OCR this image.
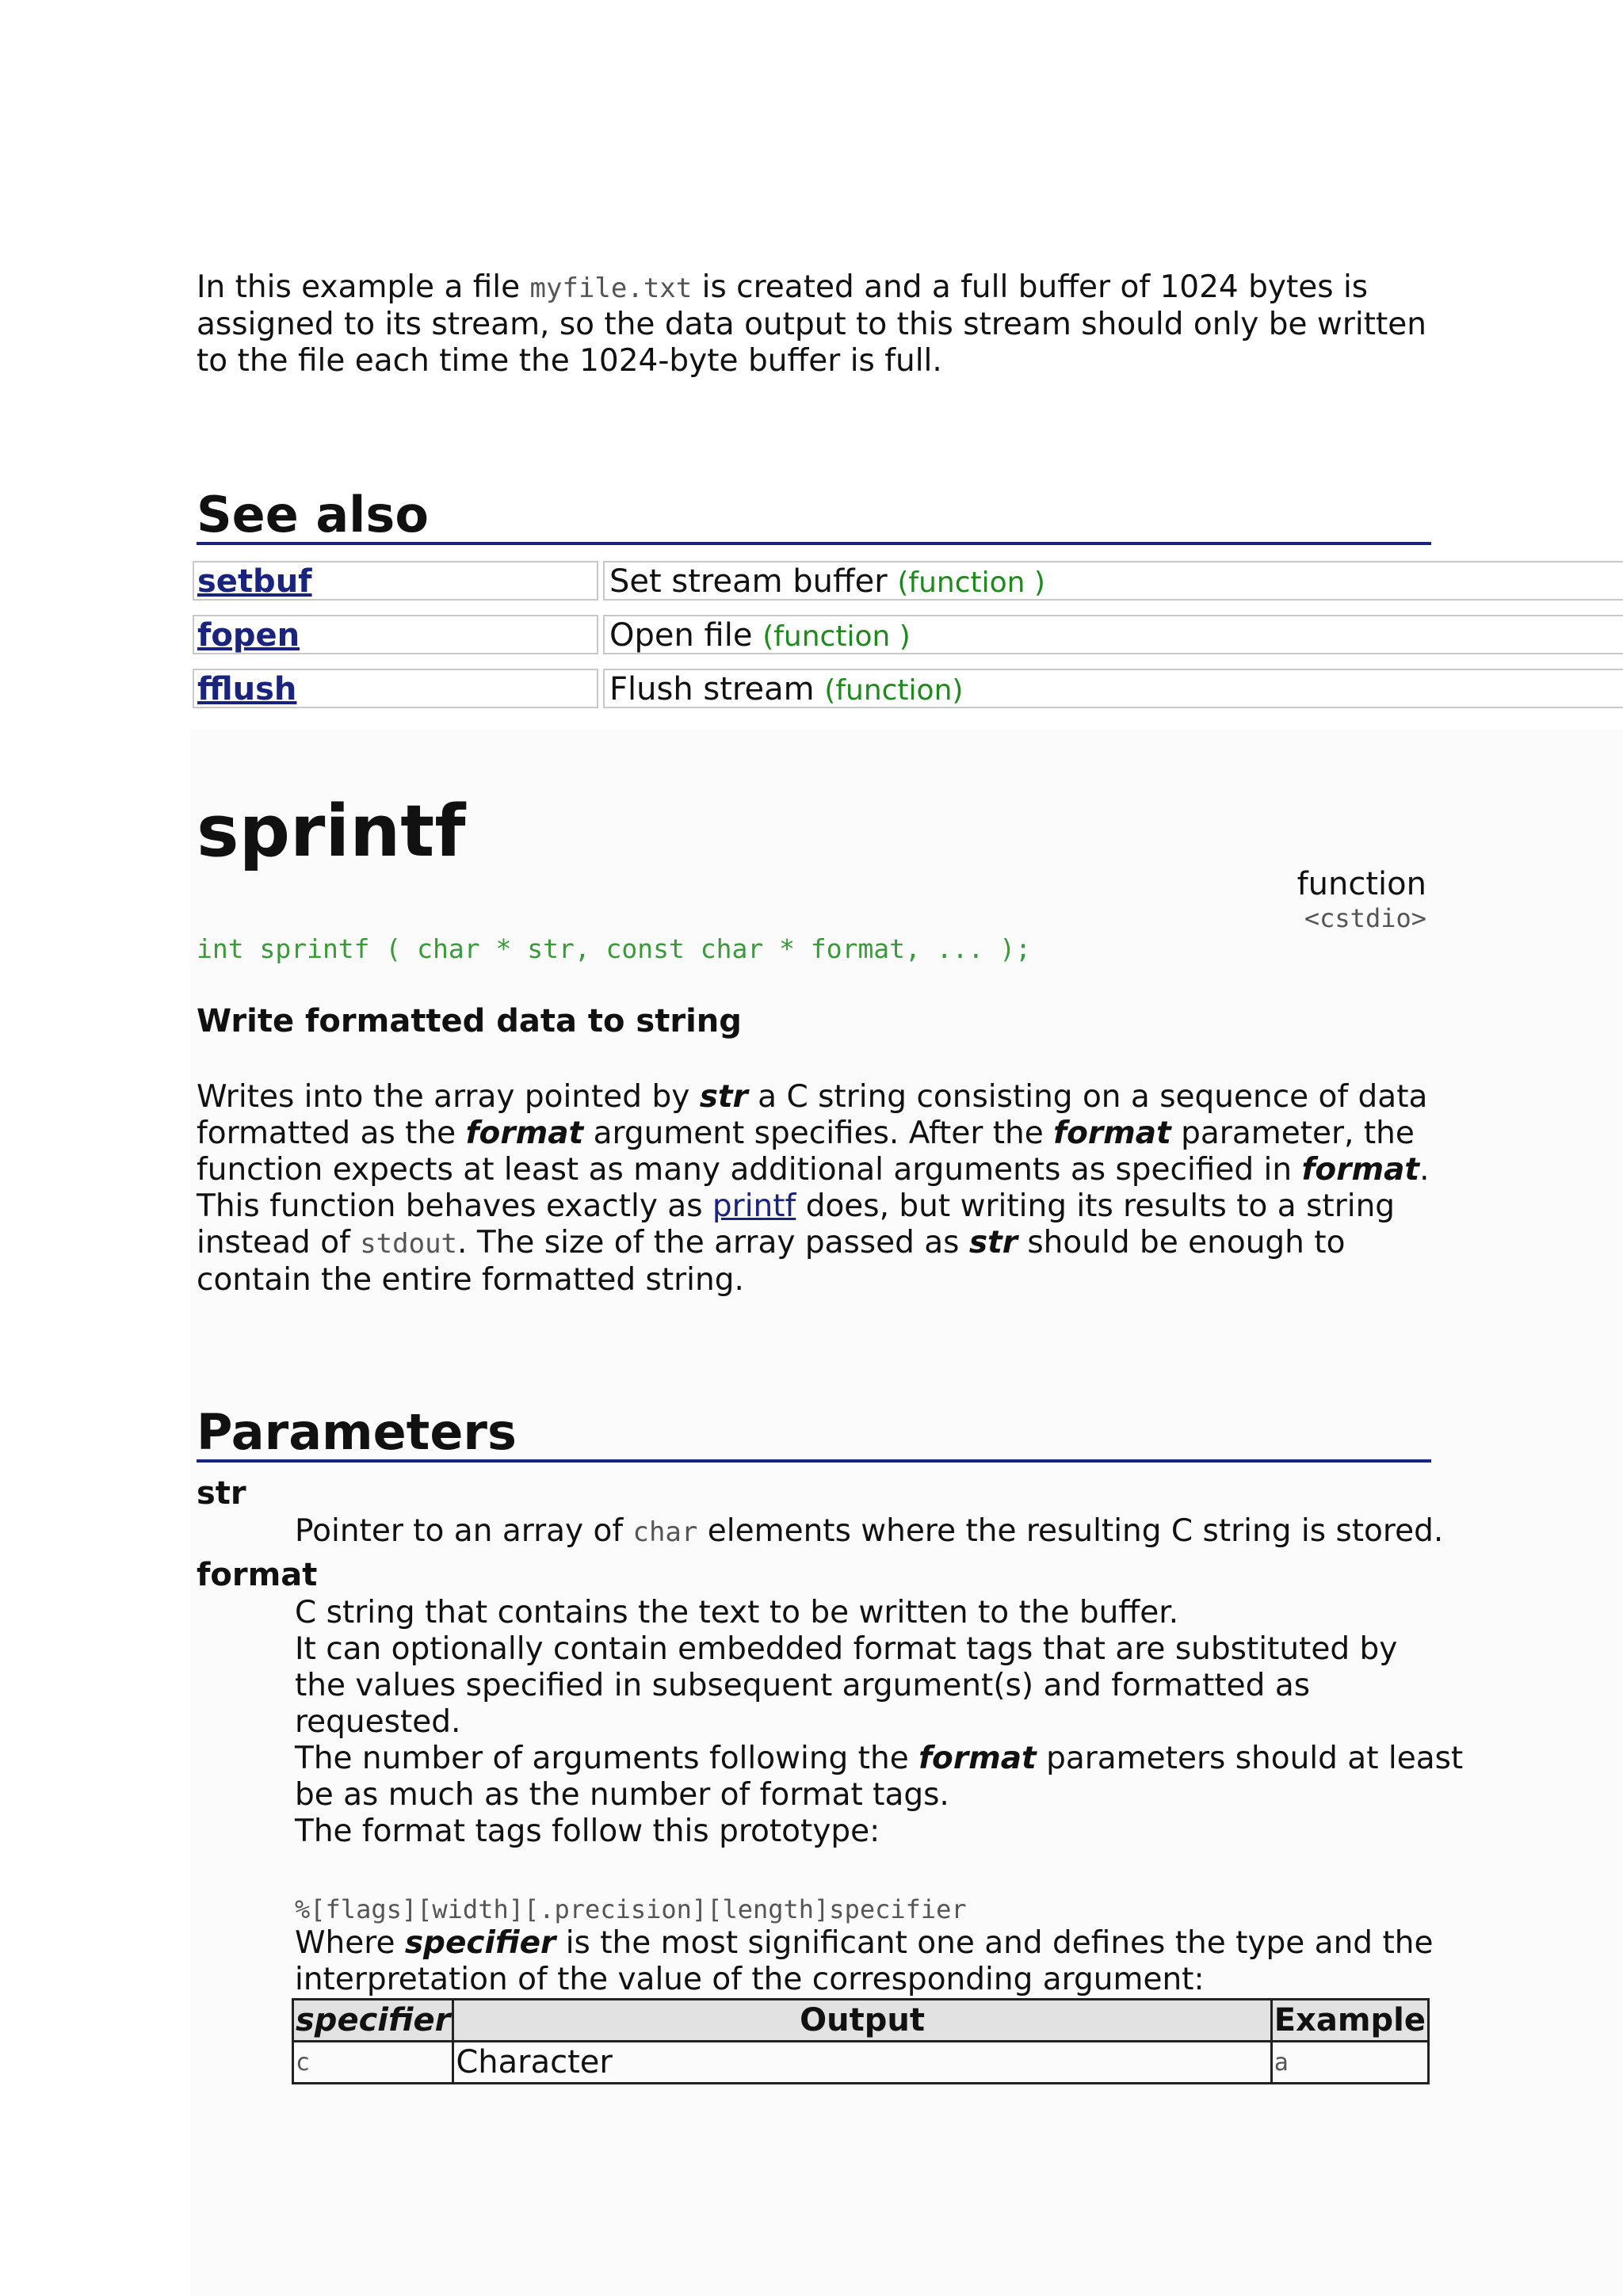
In this example a file myfile.txt is created and a full buffer of 1024 bytes is
assigned to its stream, so the data output to this stream should only be written
to the file each time the 1024-byte buffer is full.

See also
setbuf	Set stream buffer (function )
fopen	Open file (function )
fflush	Flush stream (function)
sprintf
function
<cstdio>
int sprintf ( char * str, const char * format, ... );
Write formatted data to string

Writes into the array pointed by str a C string consisting on a sequence of data
formatted as the format argument specifies. After the format parameter, the
function expects at least as many additional arguments as specified in format.
This function behaves exactly as printf does, but writing its results to a string
instead of stdout. The size of the array passed as str should be enough to
contain the entire formatted string.

Parameters
str

Pointer to an array of char elements where the resulting C string is stored.

format

C string that contains the text to be written to the buffer.
It can optionally contain embedded format tags that are substituted by
the values specified in subsequent argument(s) and formatted as
requested.
The number of arguments following the format parameters should at least
be as much as the number of format tags.
The format tags follow this prototype:

%[flags][width][.precision][length]specifier

Where specifier is the most significant one and defines the type and the
interpretation of the value of the corresponding argument:

specifier	Output	Example
c	Character	a
